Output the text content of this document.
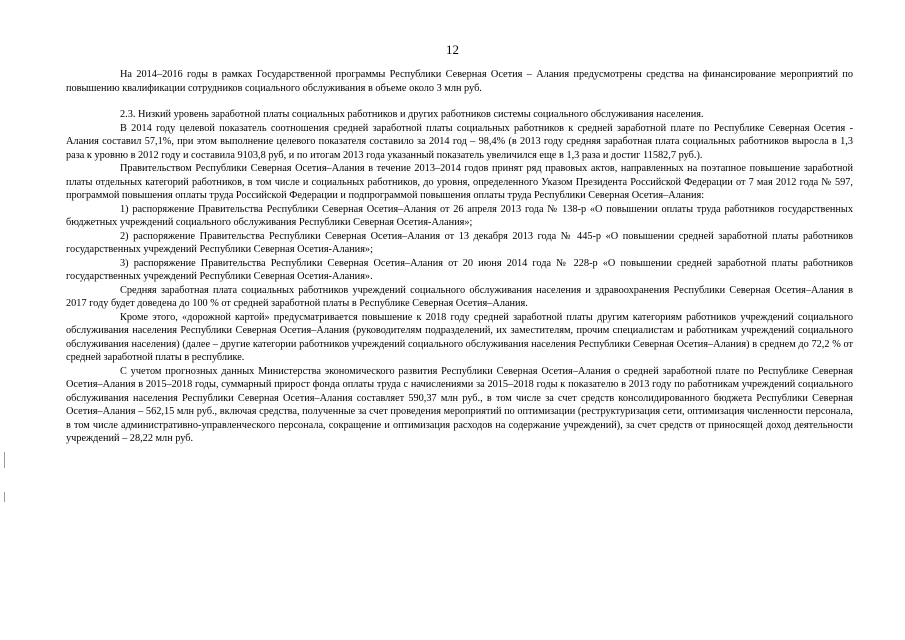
12

На 2014–2016 годы в рамках Государственной программы Республики Северная Осетия – Алания предусмотрены средства на финансирование мероприятий по повышению квалификации сотрудников социального обслуживания в объеме около 3 млн руб.

2.3. Низкий уровень заработной платы социальных работников и других работников системы социального обслуживания населения.

В 2014 году целевой показатель соотношения средней заработной платы социальных работников к средней заработной плате по Республике Северная Осетия - Алания составил 57,1%, при этом выполнение целевого показателя составило за 2014 год – 98,4% (в 2013 году средняя заработная плата социальных работников выросла в 1,3 раза к уровню в 2012 году и составила 9103,8 руб, и по итогам 2013 года указанный показатель увеличился еще в 1,3 раза и достиг 11582,7 руб.).

Правительством Республики Северная Осетия–Алания в течение 2013–2014 годов принят ряд правовых актов, направленных на поэтапное повышение заработной платы отдельных категорий работников, в том числе и социальных работников, до уровня, определенного Указом Президента Российской Федерации от 7 мая 2012 года № 597, программой повышения оплаты труда Российской Федерации и подпрограммой повышения оплаты труда Республики Северная Осетия–Алания:

1) распоряжение Правительства Республики Северная Осетия–Алания от 26 апреля 2013 года № 138-р «О повышении оплаты труда работников государственных бюджетных учреждений социального обслуживания Республики Северная Осетия-Алания»;

2) распоряжение Правительства Республики Северная Осетия–Алания от 13 декабря 2013 года № 445-р «О повышении средней заработной платы работников государственных учреждений Республики Северная Осетия-Алания»;

3) распоряжение Правительства Республики Северная Осетия–Алания от 20 июня 2014 года № 228-р «О повышении средней заработной платы работников государственных учреждений Республики Северная Осетия-Алания».

Средняя заработная плата социальных работников учреждений социального обслуживания населения и здравоохранения Республики Северная Осетия–Алания в 2017 году будет доведена до 100 % от средней заработной платы в Республике Северная Осетия–Алания.

Кроме этого, «дорожной картой» предусматривается повышение к 2018 году средней заработной платы другим категориям работников учреждений социального обслуживания населения Республики Северная Осетия–Алания (руководителям подразделений, их заместителям, прочим специалистам и работникам учреждений социального обслуживания населения) (далее – другие категории работников учреждений социального обслуживания населения Республики Северная Осетия–Алания) в среднем до 72,2 % от средней заработной платы в республике.

С учетом прогнозных данных Министерства экономического развития Республики Северная Осетия–Алания о средней заработной плате по Республике Северная Осетия–Алания в 2015–2018 годы, суммарный прирост фонда оплаты труда с начислениями за 2015–2018 годы к показателю в 2013 году по работникам учреждений социального обслуживания населения Республики Северная Осетия–Алания составляет 590,37 млн руб., в том числе за счет средств консолидированного бюджета Республики Северная Осетия–Алания – 562,15 млн руб., включая средства, полученные за счет проведения мероприятий по оптимизации (реструктуризация сети, оптимизация численности персонала, в том числе административно-управленческого персонала, сокращение и оптимизация расходов на содержание учреждений), за счет средств от приносящей доход деятельности учреждений – 28,22 млн руб.
